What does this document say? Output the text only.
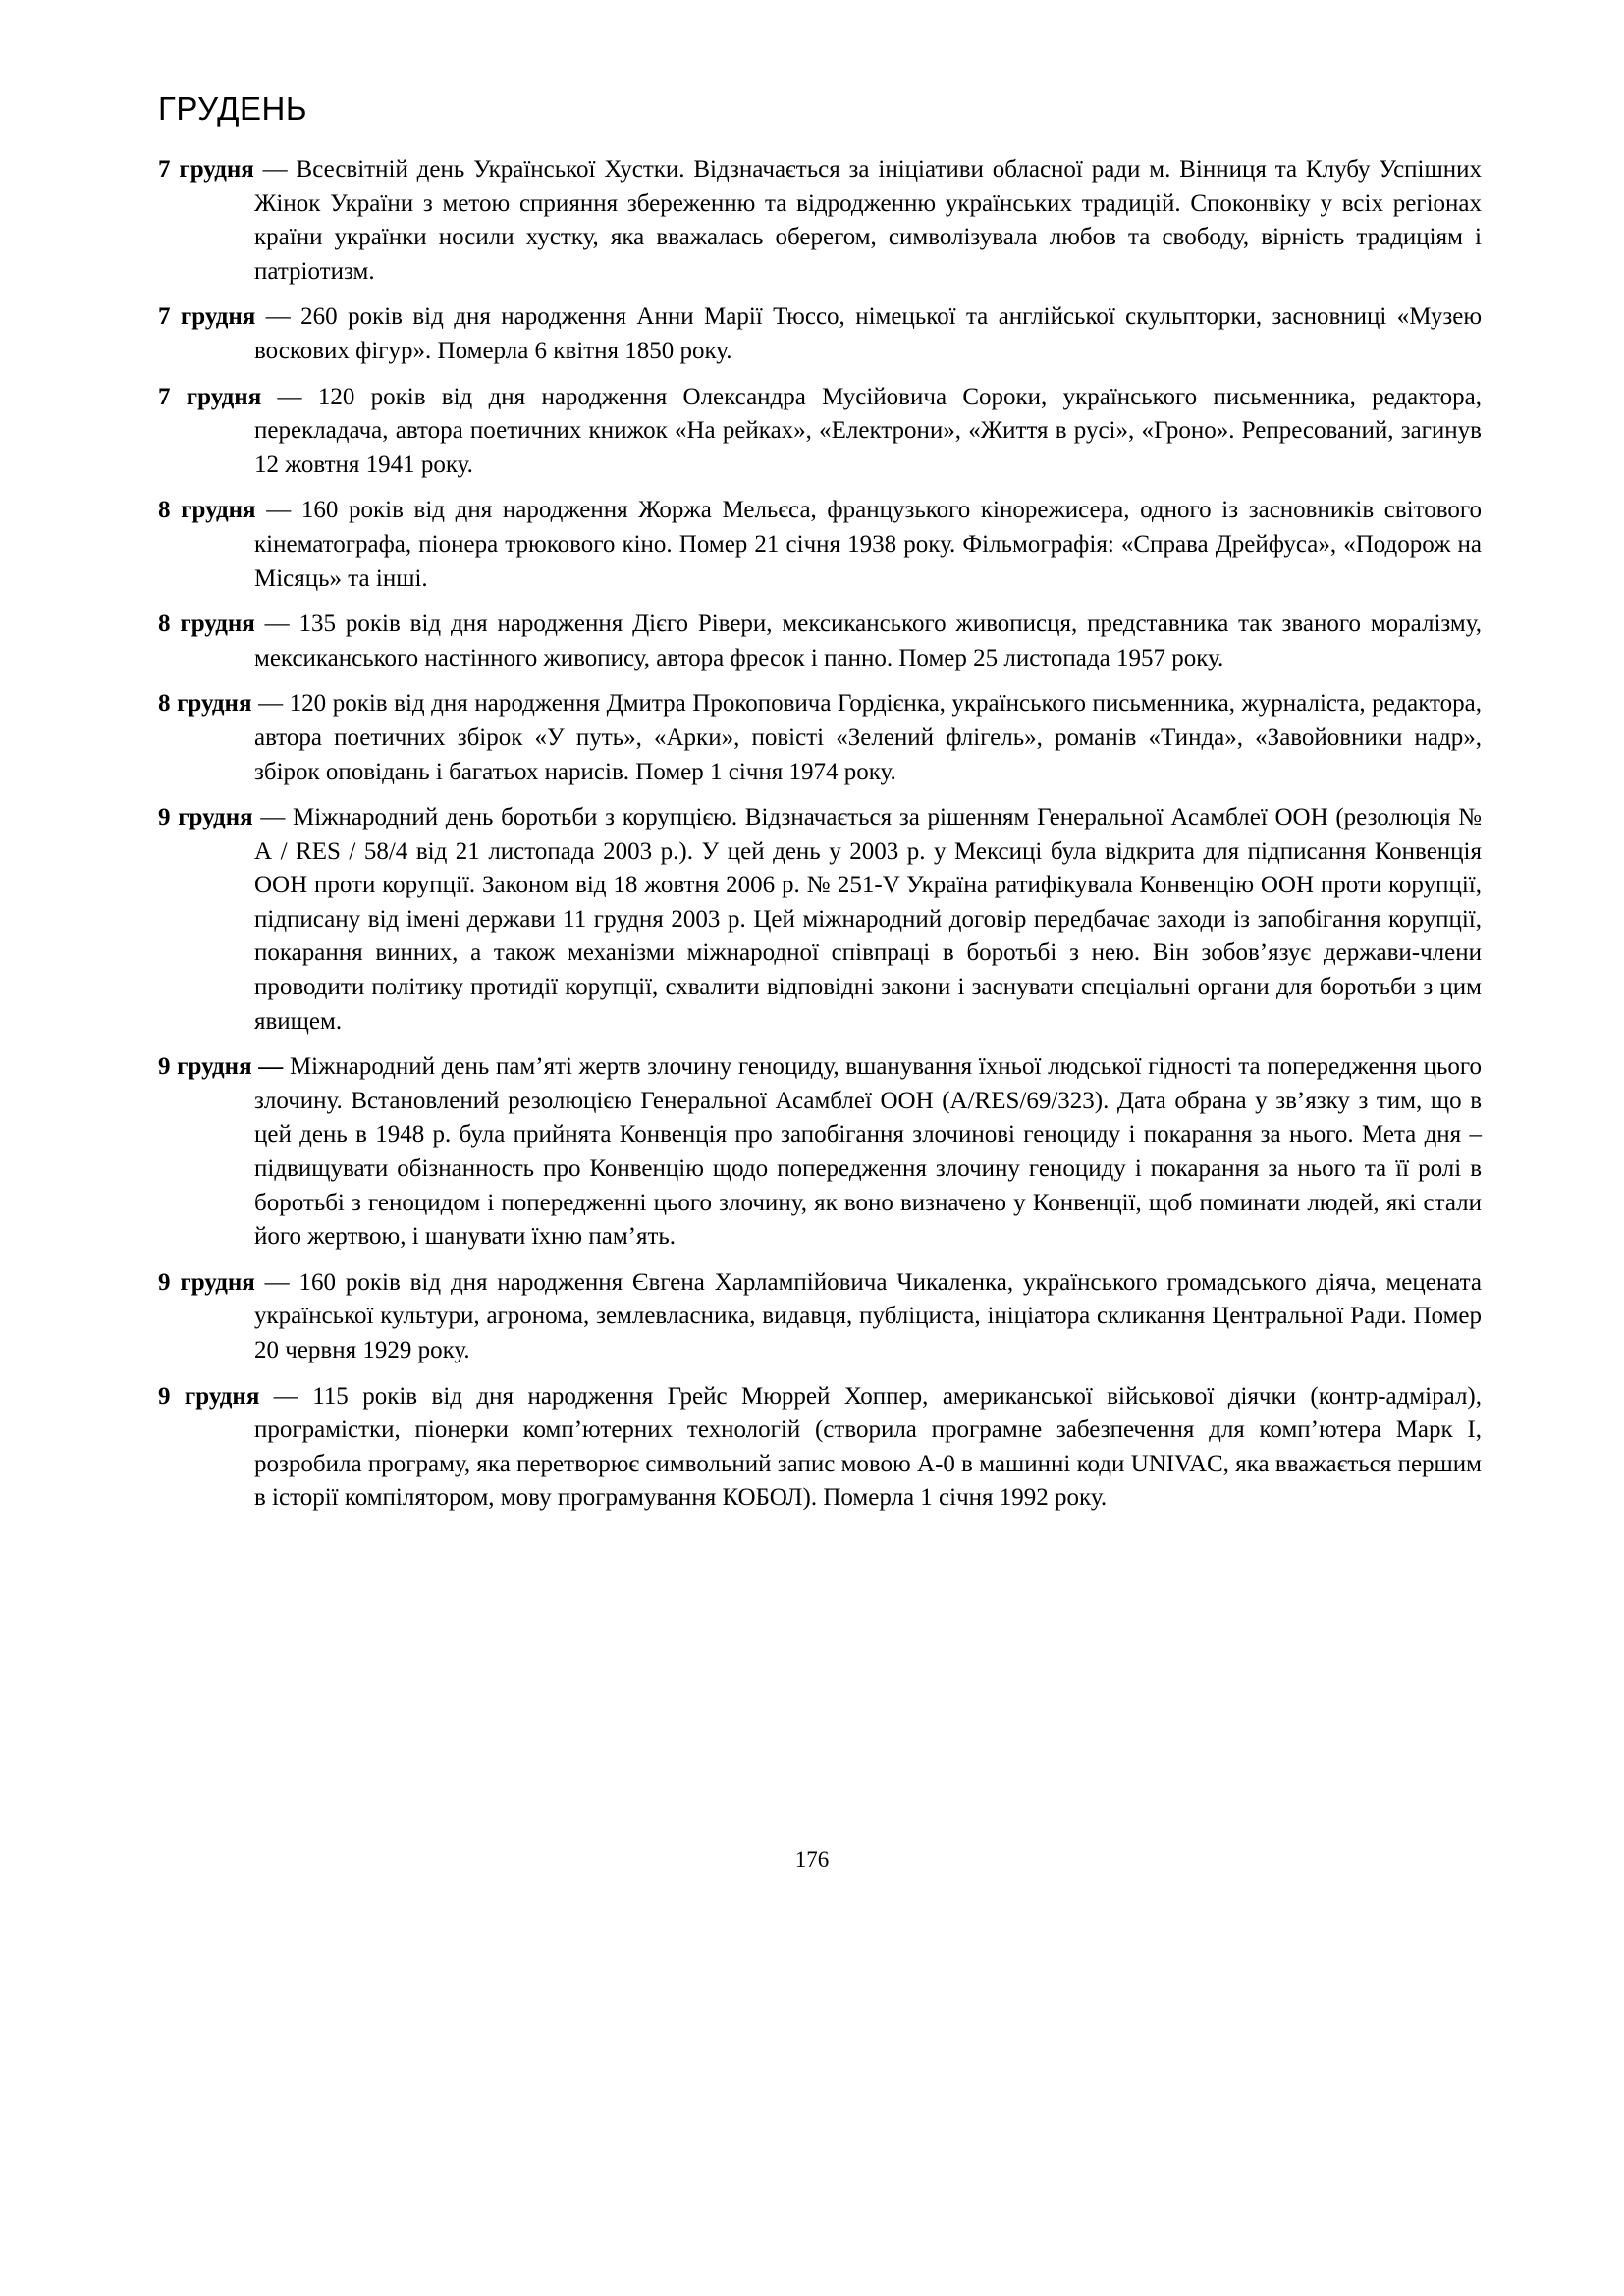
ГРУДЕНЬ

7 грудня — Всесвітній день Української Хустки. Відзначається за ініціативи обласної ради м. Вінниця та Клубу Успішних Жінок України з метою сприяння збереженню та відродженню українських традицій. Споконвіку у всіх регіонах країни українки носили хустку, яка вважалась оберегом, символізувала любов та свободу, вірність традиціям і патріотизм.

7 грудня — 260 років від дня народження Анни Марії Тюссо, німецької та англійської скульпторки, засновниці «Музею воскових фігур». Померла 6 квітня 1850 року.

7 грудня — 120 років від дня народження Олександра Мусійовича Сороки, українського письменника, редактора, перекладача, автора поетичних книжок «На рейках», «Електрони», «Життя в русі», «Гроно». Репресований, загинув 12 жовтня 1941 року.

8 грудня — 160 років від дня народження Жоржа Мельєса, французького кінорежисера, одного із засновників світового кінематографа, піонера трюкового кіно. Помер 21 січня 1938 року. Фільмографія: «Справа Дрейфуса», «Подорож на Місяць» та інші.

8 грудня — 135 років від дня народження Дієго Рівери, мексиканського живописця, представника так званого моралізму, мексиканського настінного живопису, автора фресок і панно. Помер 25 листопада 1957 року.

8 грудня — 120 років від дня народження Дмитра Прокоповича Гордієнка, українського письменника, журналіста, редактора, автора поетичних збірок «У путь», «Арки», повісті «Зелений флігель», романів «Тинда», «Завойовники надр», збірок оповідань і багатьох нарисів. Помер 1 січня 1974 року.

9 грудня — Міжнародний день боротьби з корупцією. Відзначається за рішенням Генеральної Асамблеї ООН (резолюція № А / RES / 58/4 від 21 листопада 2003 р.). У цей день у 2003 р. у Мексиці була відкрита для підписання Конвенція ООН проти корупції. Законом від 18 жовтня 2006 р. № 251-V Україна ратифікувала Конвенцію ООН проти корупції, підписану від імені держави 11 грудня 2003 р. Цей міжнародний договір передбачає заходи із запобігання корупції, покарання винних, а також механізми міжнародної співпраці в боротьбі з нею. Він зобов’язує держави-члени проводити політику протидії корупції, схвалити відповідні закони і заснувати спеціальні органи для боротьби з цим явищем.

9 грудня — Міжнародний день пам’яті жертв злочину геноциду, вшанування їхньої людської гідності та попередження цього злочину. Встановлений резолюцією Генеральної Асамблеї ООН (A/RES/69/323). Дата обрана у зв’язку з тим, що в цей день в 1948 р. була прийнята Конвенція про запобігання злочинові геноциду і покарання за нього. Мета дня – підвищувати обізнанность про Конвенцію щодо попередження злочину геноциду і покарання за нього та її ролі в боротьбі з геноцидом і попередженні цього злочину, як воно визначено у Конвенції, щоб поминати людей, які стали його жертвою, і шанувати їхню пам’ять.

9 грудня — 160 років від дня народження Євгена Харлампійовича Чикаленка, українського громадського діяча, мецената української культури, агронома, землевласника, видавця, публіциста, ініціатора скликання Центральної Ради. Помер 20 червня 1929 року.

9 грудня — 115 років від дня народження Грейс Мюррей Хоппер, американської військової діячки (контр-адмірал), програмістки, піонерки комп’ютерних технологій (створила програмне забезпечення для комп’ютера Марк І, розробила програму, яка перетворює символьний запис мовою A-0 в машинні коди UNIVAC, яка вважається першим в історії компілятором, мову програмування КОБОЛ). Померла 1 січня 1992 року.

176
